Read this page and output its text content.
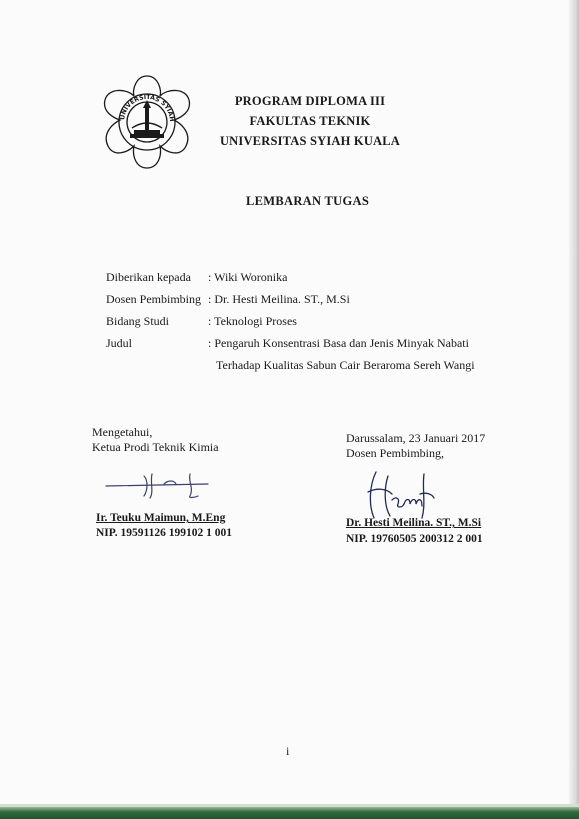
UNIVERSITAS SYIAH
PROGRAM DIPLOMA III
FAKULTAS TEKNIK
UNIVERSITAS SYIAH KUALA
LEMBARAN TUGAS
Diberikan kepada : Wiki Woronika
Dosen Pembimbing : Dr. Hesti Meilina. ST., M.Si
Bidang Studi	: Teknologi Proses
Judul	: Pengaruh Konsentrasi Basa dan Jenis Minyak Nabati
Terhadap Kualitas Sabun Cair Beraroma Sereh Wangi
Mengetahui,
Ketua Prodi Teknik Kimia
Ir. Teuku Maimun, M.Eng
NIP. 19591126 199102 1 001
Darussalam, 23 Januari 2017
Dosen Pembimbing,
Dr. Hesti Meilina. ST., M.Si
NIP. 19760505 200312 2 001
i
